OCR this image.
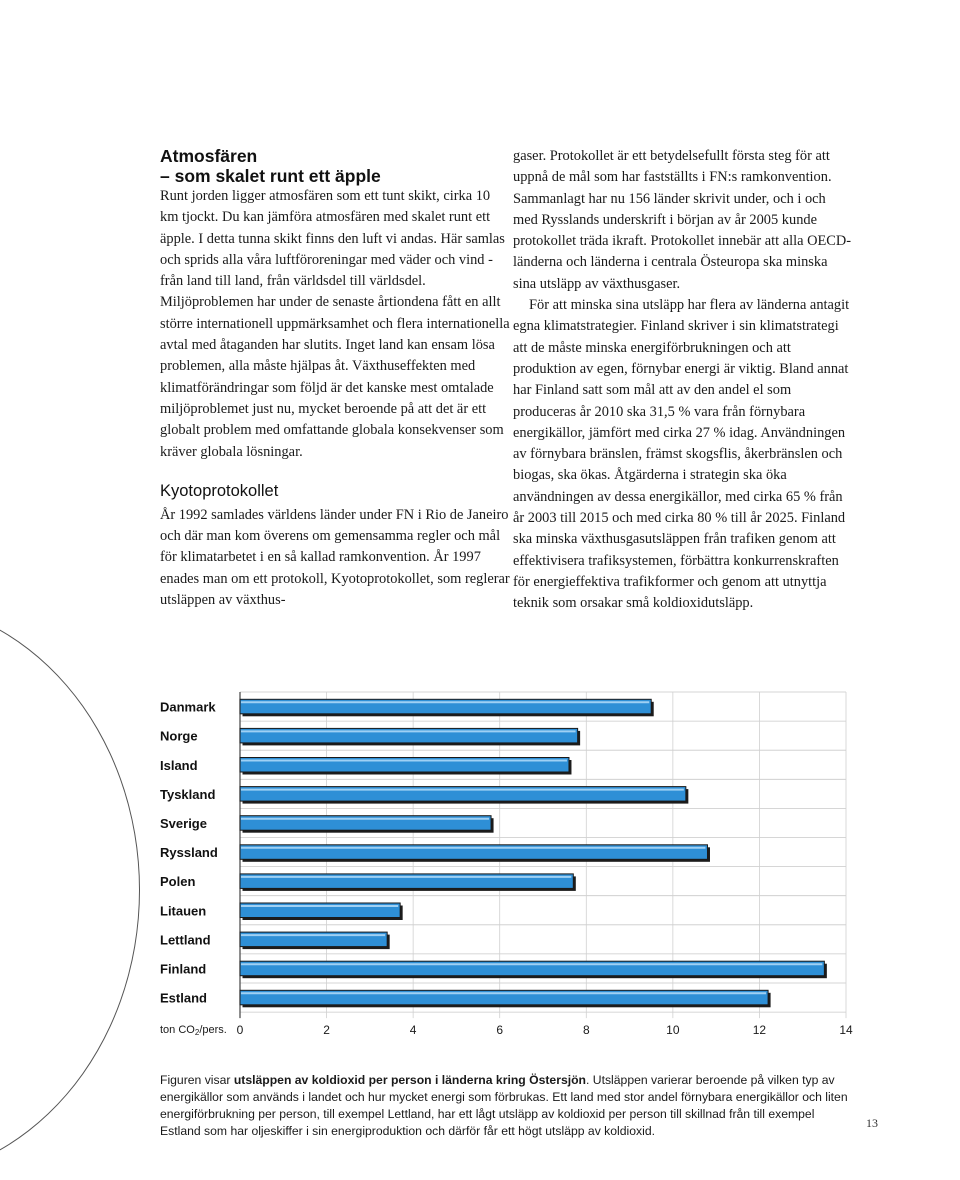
Atmosfären
– som skalet runt ett äpple

Runt jorden ligger atmosfären som ett tunt skikt, cirka 10 km tjockt. Du kan jämföra atmosfären med skalet runt ett äpple. I detta tunna skikt finns den luft vi andas. Här samlas och sprids alla våra luftföroreningar med väder och vind - från land till land, från världsdel till världsdel. Miljöproblemen har under de senaste årtiondena fått en allt större internationell uppmärksamhet och flera internationella avtal med åtaganden har slutits. Inget land kan ensam lösa problemen, alla måste hjälpas åt. Växthuseffekten med klimatförändringar som följd är det kanske mest omtalade miljöproblemet just nu, mycket beroende på att det är ett globalt problem med omfattande globala konsekvenser som kräver globala lösningar.

Kyotoprotokollet

År 1992 samlades världens länder under FN i Rio de Janeiro och där man kom överens om gemensamma regler och mål för klimatarbetet i en så kallad ramkonvention. År 1997 enades man om ett protokoll, Kyotoprotokollet, som reglerar utsläppen av växthus-

gaser. Protokollet är ett betydelsefullt första steg för att uppnå de mål som har fastställts i FN:s ramkonvention. Sammanlagt har nu 156 länder skrivit under, och i och med Rysslands underskrift i början av år 2005 kunde protokollet träda ikraft. Protokollet innebär att alla OECD-länderna och länderna i centrala Östeuropa ska minska sina utsläpp av växthusgaser.

För att minska sina utsläpp har flera av länderna antagit egna klimatstrategier. Finland skriver i sin klimatstrategi att de måste minska energiförbrukningen och att produktion av egen, förnybar energi är viktig. Bland annat har Finland satt som mål att av den andel el som produceras år 2010 ska 31,5 % vara från förnybara energikällor, jämfört med cirka 27 % idag. Användningen av förnybara bränslen, främst skogsflis, åkerbränslen och biogas, ska ökas. Åtgärderna i strategin ska öka användningen av dessa energikällor, med cirka 65 % från år 2003 till 2015 och med cirka 80 % till år 2025. Finland ska minska växthusgasutsläppen från trafiken genom att effektivisera trafiksystemen, förbättra konkurrenskraften för energieffektiva trafikformer och genom att utnyttja teknik som orsakar små koldioxidutsläpp.

Danmark
Norge
Island
Tyskland
Sverige
Ryssland
Polen
Litauen
Lettland
Finland
Estland
0	2	4	6	8	10	12	14
ton CO2/pers.

Figuren visar utsläppen av koldioxid per person i länderna kring Östersjön. Utsläppen varierar beroende på vilken typ av energikällor som används i landet och hur mycket energi som förbrukas. Ett land med stor andel förnybara energikällor och liten energiförbrukning per person, till exempel Lettland, har ett lågt utsläpp av koldioxid per person till skillnad från till exempel Estland som har oljeskiffer i sin energiproduktion och därför får ett högt utsläpp av koldioxid.

13
